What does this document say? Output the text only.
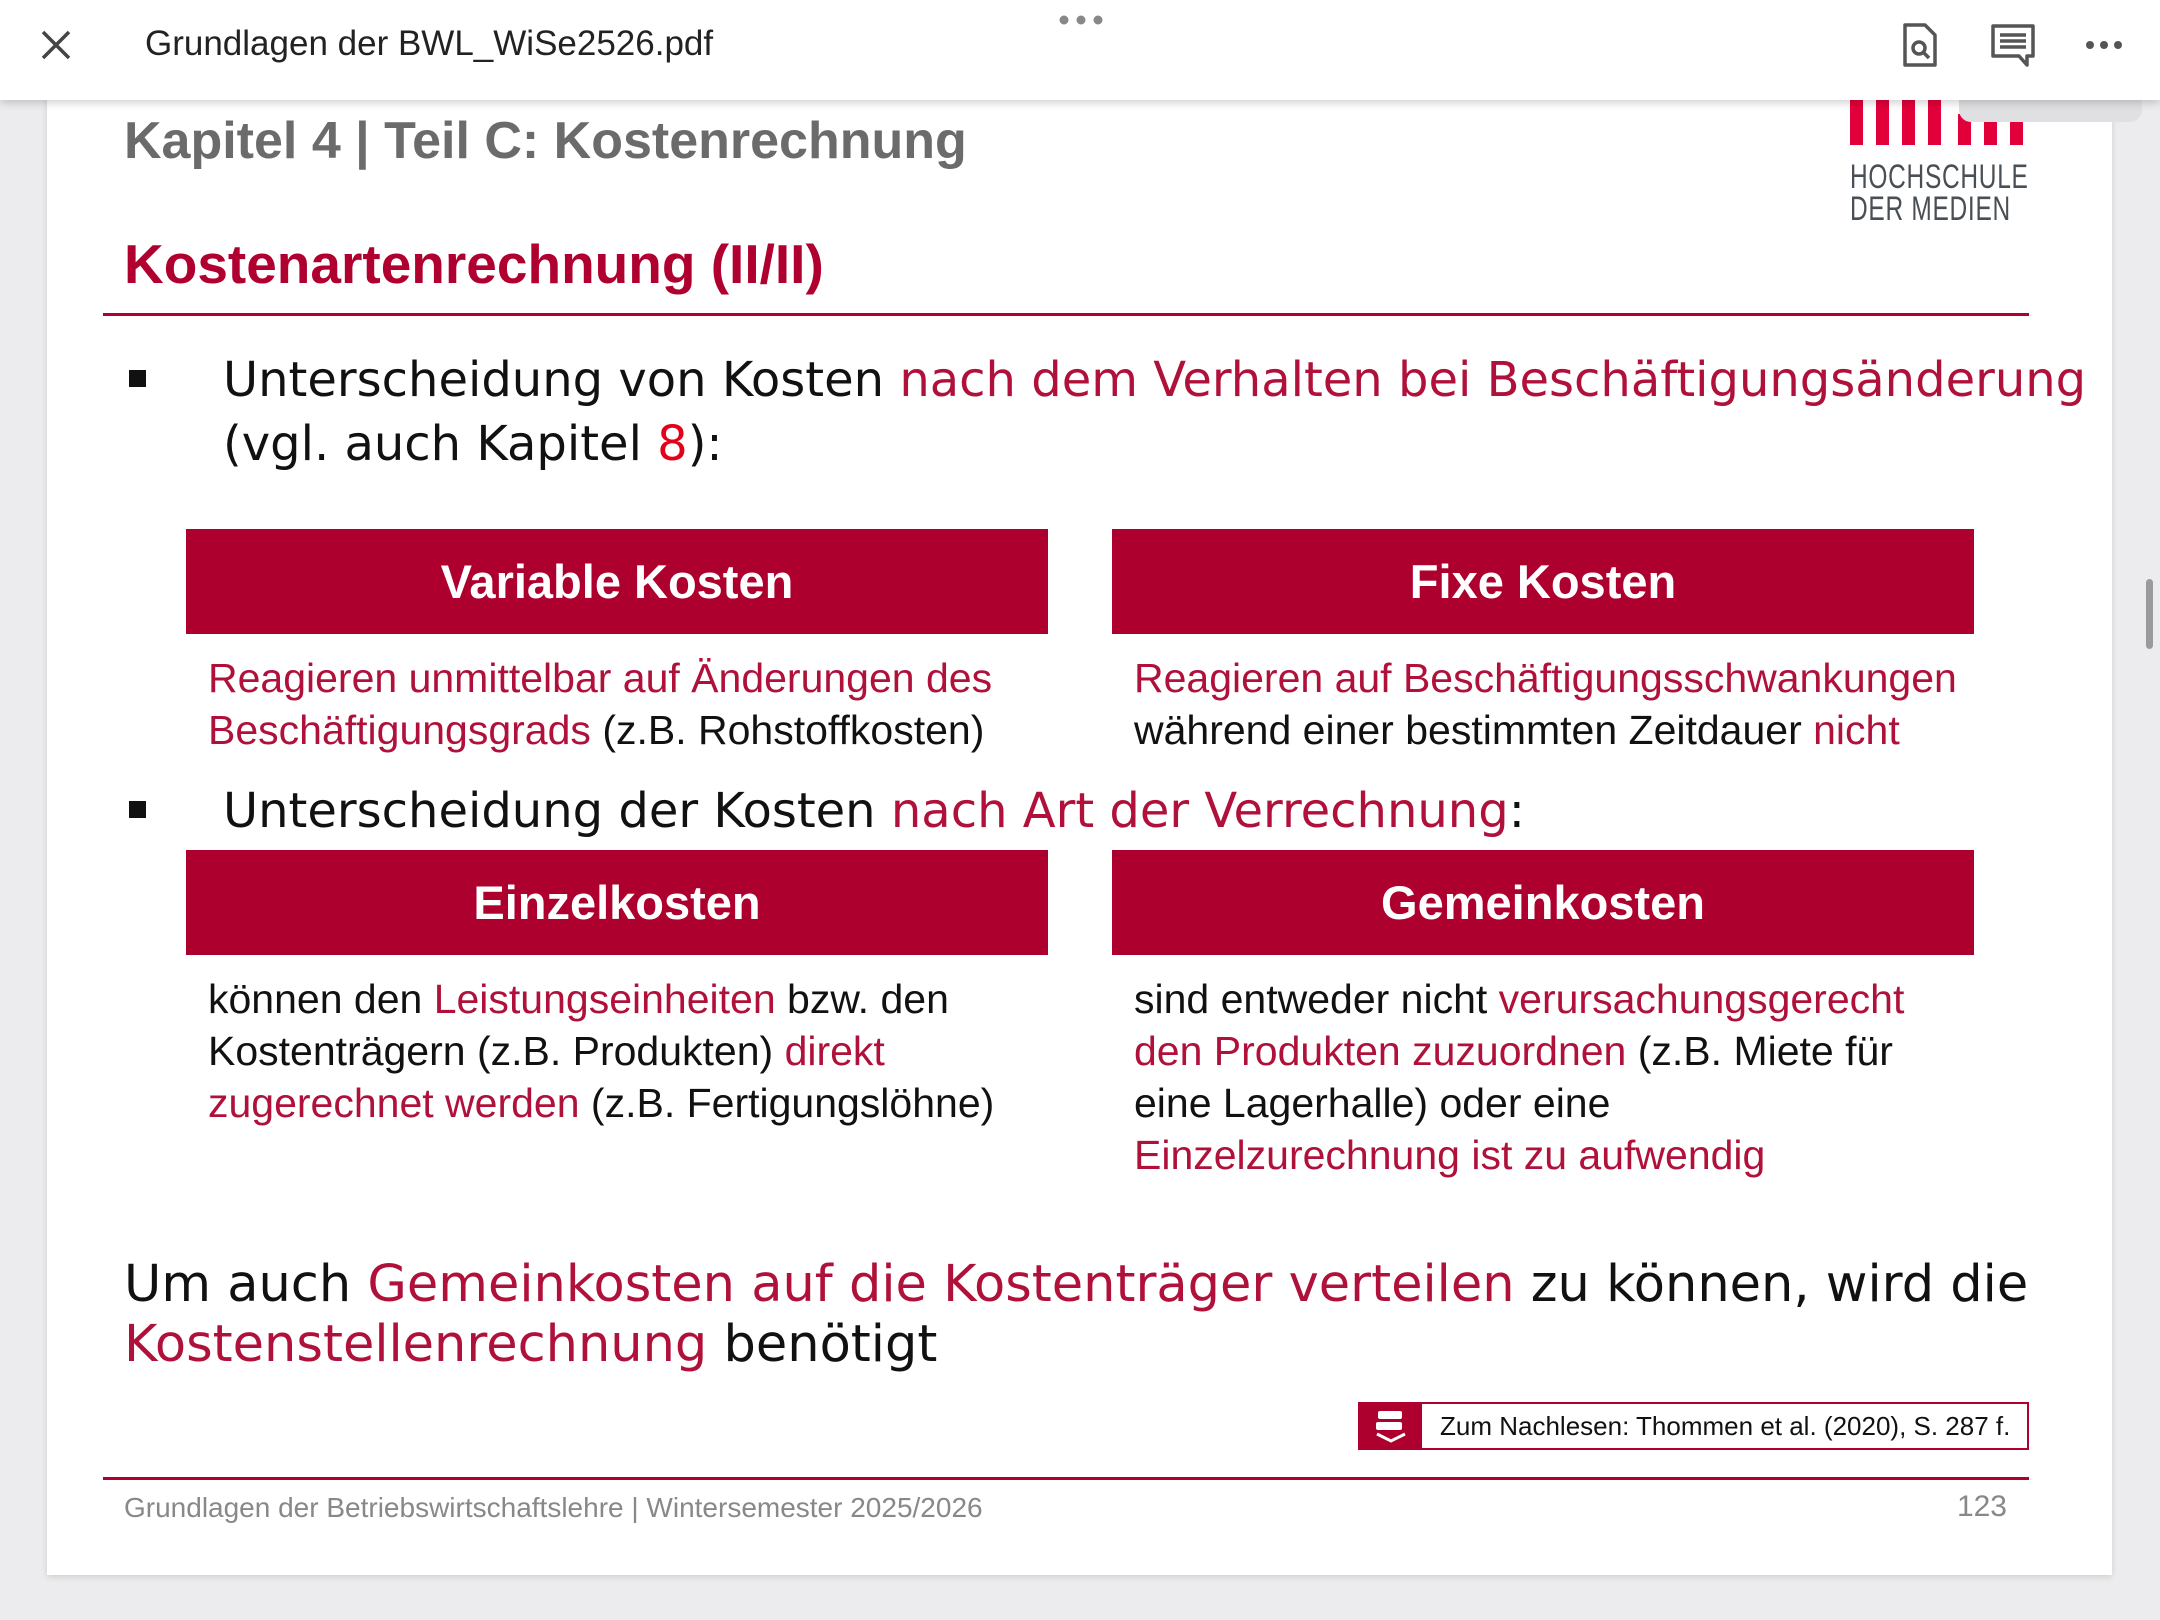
Grundlagen der BWL_WiSe2526.pdf
Kapitel 4 | Teil C: Kostenrechnung
HOCHSCHULE
DER MEDIEN
Kostenartenrechnung (II/II)
Unterscheidung von Kosten nach dem Verhalten bei Beschäftigungsänderung
(vgl. auch Kapitel 8):
Variable Kosten	Fixe Kosten
Reagieren unmittelbar auf Änderungen des
Beschäftigungsgrads (z.B. Rohstoffkosten)
Reagieren auf Beschäftigungsschwankungen
während einer bestimmten Zeitdauer nicht
Unterscheidung der Kosten nach Art der Verrechnung:
Einzelkosten	Gemeinkosten
können den Leistungseinheiten bzw. den
Kostenträgern (z.B. Produkten) direkt
zugerechnet werden (z.B. Fertigungslöhne)
sind entweder nicht verursachungsgerecht
den Produkten zuzuordnen (z.B. Miete für
eine Lagerhalle) oder eine
Einzelzurechnung ist zu aufwendig
Um auch Gemeinkosten auf die Kostenträger verteilen zu können, wird die
Kostenstellenrechnung benötigt
Zum Nachlesen: Thommen et al. (2020), S. 287 f.
Grundlagen der Betriebswirtschaftslehre | Wintersemester 2025/2026	123
